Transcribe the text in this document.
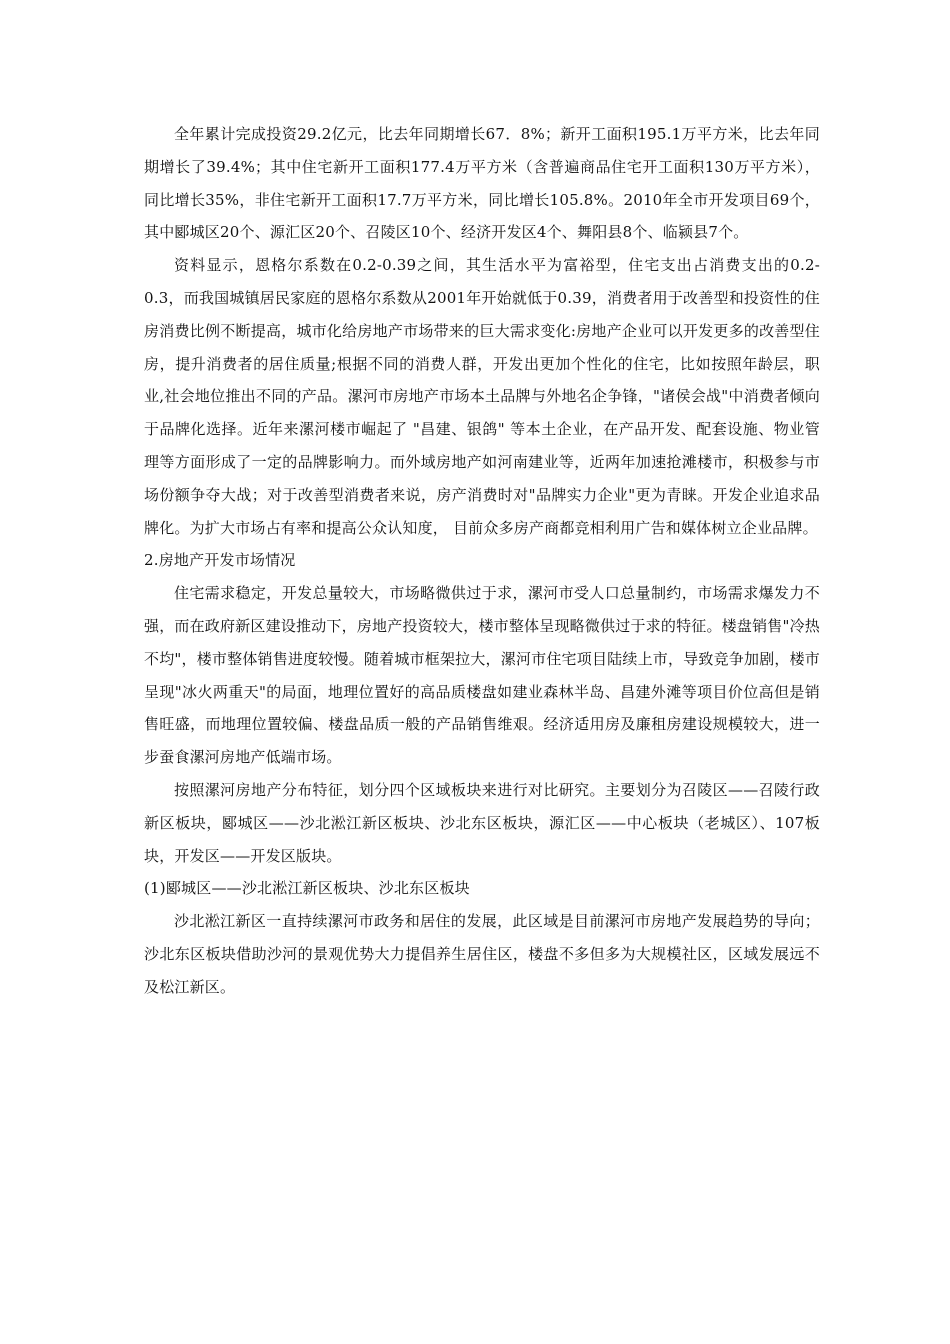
全年累计完成投资29.2亿元，比去年同期增长67．8%；新开工面积195.1万平方米，比去年同期增长了39.4%；其中住宅新开工面积177.4万平方米（含普遍商品住宅开工面积130万平方米），同比增长35%，非住宅新开工面积17.7万平方米，同比增长105.8%。2010年全市开发项目69个，其中郾城区20个、源汇区20个、召陵区10个、经济开发区4个、舞阳县8个、临颍县7个。

资料显示，恩格尔系数在0.2-0.39之间，其生活水平为富裕型，住宅支出占消费支出的0.2-0.3，而我国城镇居民家庭的恩格尔系数从2001年开始就低于0.39，消费者用于改善型和投资性的住房消费比例不断提高，城市化给房地产市场带来的巨大需求变化:房地产企业可以开发更多的改善型住房，提升消费者的居住质量;根据不同的消费人群，开发出更加个性化的住宅，比如按照年龄层，职业,社会地位推出不同的产品。漯河市房地产市场本土品牌与外地名企争锋，"诸侯会战"中消费者倾向于品牌化选择。近年来漯河楼市崛起了 "昌建、银鸽" 等本土企业，在产品开发、配套设施、物业管理等方面形成了一定的品牌影响力。而外域房地产如河南建业等，近两年加速抢滩楼市，积极参与市场份额争夺大战；对于改善型消费者来说，房产消费时对"品牌实力企业"更为青睐。开发企业追求品牌化。为扩大市场占有率和提高公众认知度， 目前众多房产商都竞相利用广告和媒体树立企业品牌。

2.房地产开发市场情况

住宅需求稳定，开发总量较大，市场略微供过于求，漯河市受人口总量制约，市场需求爆发力不强，而在政府新区建设推动下，房地产投资较大，楼市整体呈现略微供过于求的特征。楼盘销售"冷热不均"，楼市整体销售进度较慢。随着城市框架拉大，漯河市住宅项目陆续上市，导致竞争加剧，楼市呈现"冰火两重天"的局面，地理位置好的高品质楼盘如建业森林半岛、昌建外滩等项目价位高但是销售旺盛，而地理位置较偏、楼盘品质一般的产品销售维艰。经济适用房及廉租房建设规模较大，进一步蚕食漯河房地产低端市场。

按照漯河房地产分布特征，划分四个区域板块来进行对比研究。主要划分为召陵区——召陵行政新区板块，郾城区——沙北淞江新区板块、沙北东区板块，源汇区——中心板块（老城区）、107板块，开发区——开发区版块。

(1)郾城区——沙北淞江新区板块、沙北东区板块

沙北淞江新区一直持续漯河市政务和居住的发展，此区域是目前漯河市房地产发展趋势的导向；沙北东区板块借助沙河的景观优势大力提倡养生居住区，楼盘不多但多为大规模社区，区域发展远不及松江新区。
